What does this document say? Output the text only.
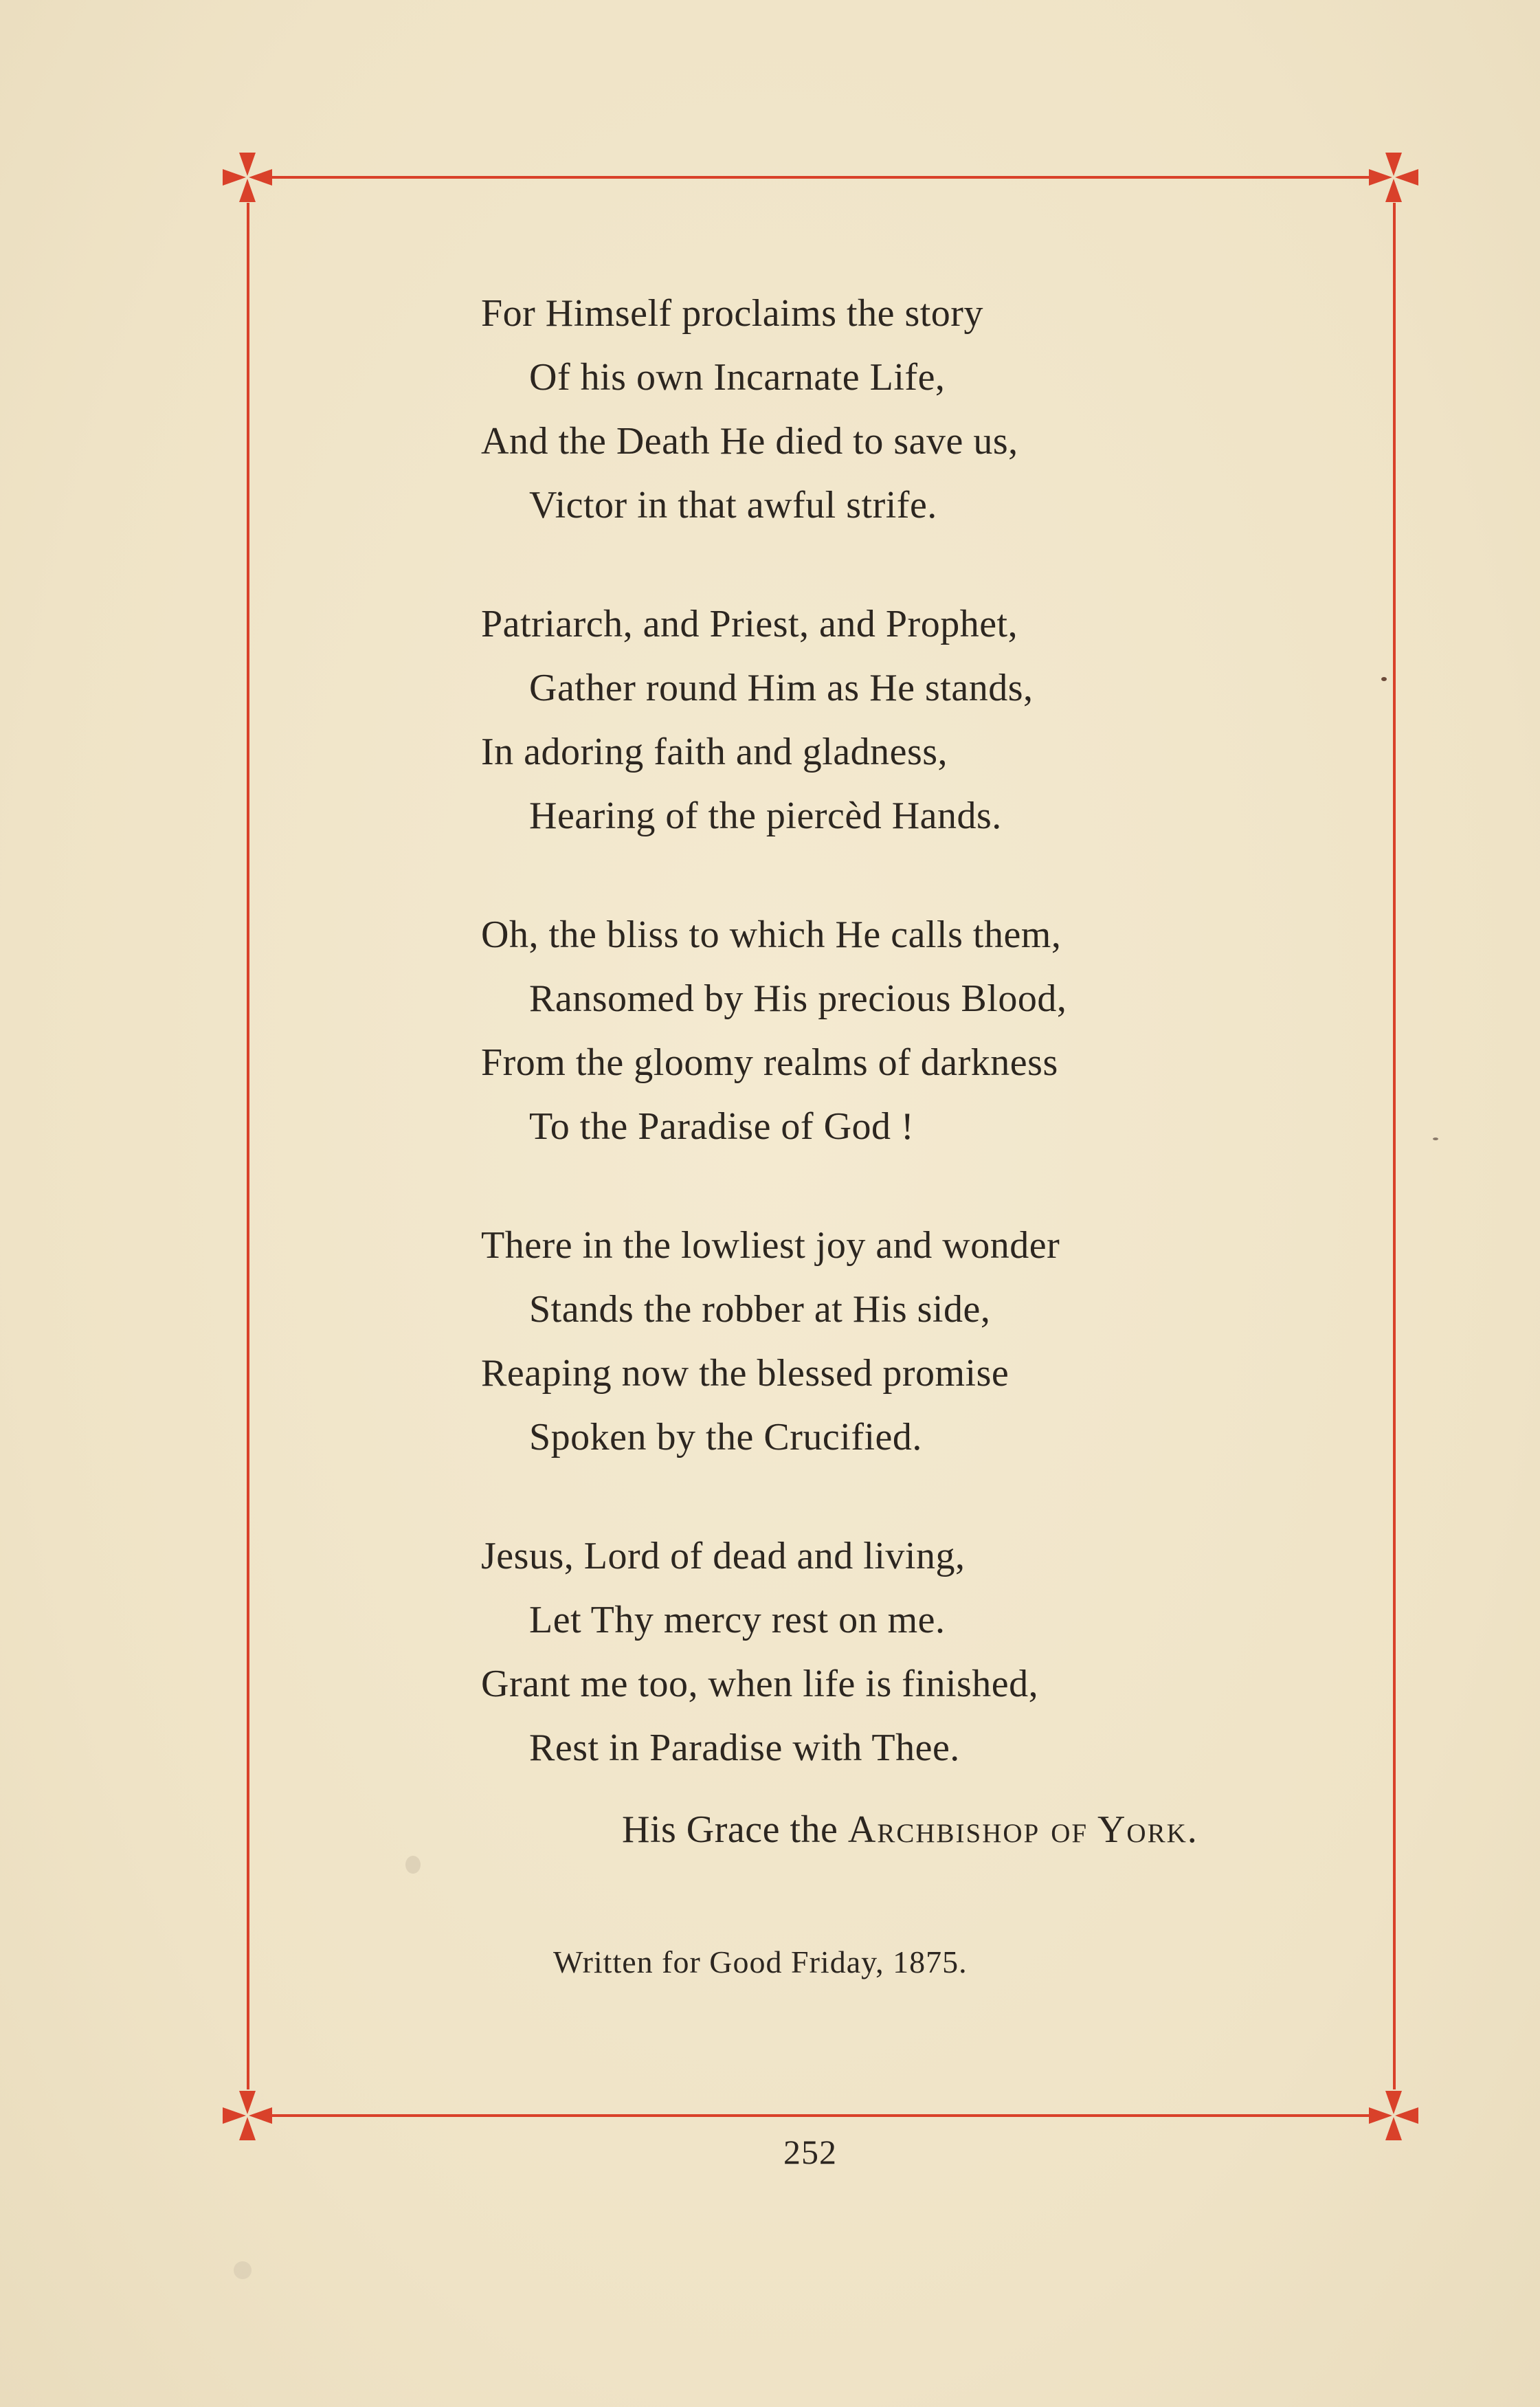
For Himself proclaims the story
Of his own Incarnate Life,
And the Death He died to save us,
Victor in that awful strife.
Patriarch, and Priest, and Prophet,
Gather round Him as He stands,
In adoring faith and gladness,
Hearing of the piercèd Hands.
Oh, the bliss to which He calls them,
Ransomed by His precious Blood,
From the gloomy realms of darkness
To the Paradise of God !
There in the lowliest joy and wonder
Stands the robber at His side,
Reaping now the blessed promise
Spoken by the Crucified.
Jesus, Lord of dead and living,
Let Thy mercy rest on me.
Grant me too, when life is finished,
Rest in Paradise with Thee.
His Grace the Archbishop of York.
Written for Good Friday, 1875.
252
